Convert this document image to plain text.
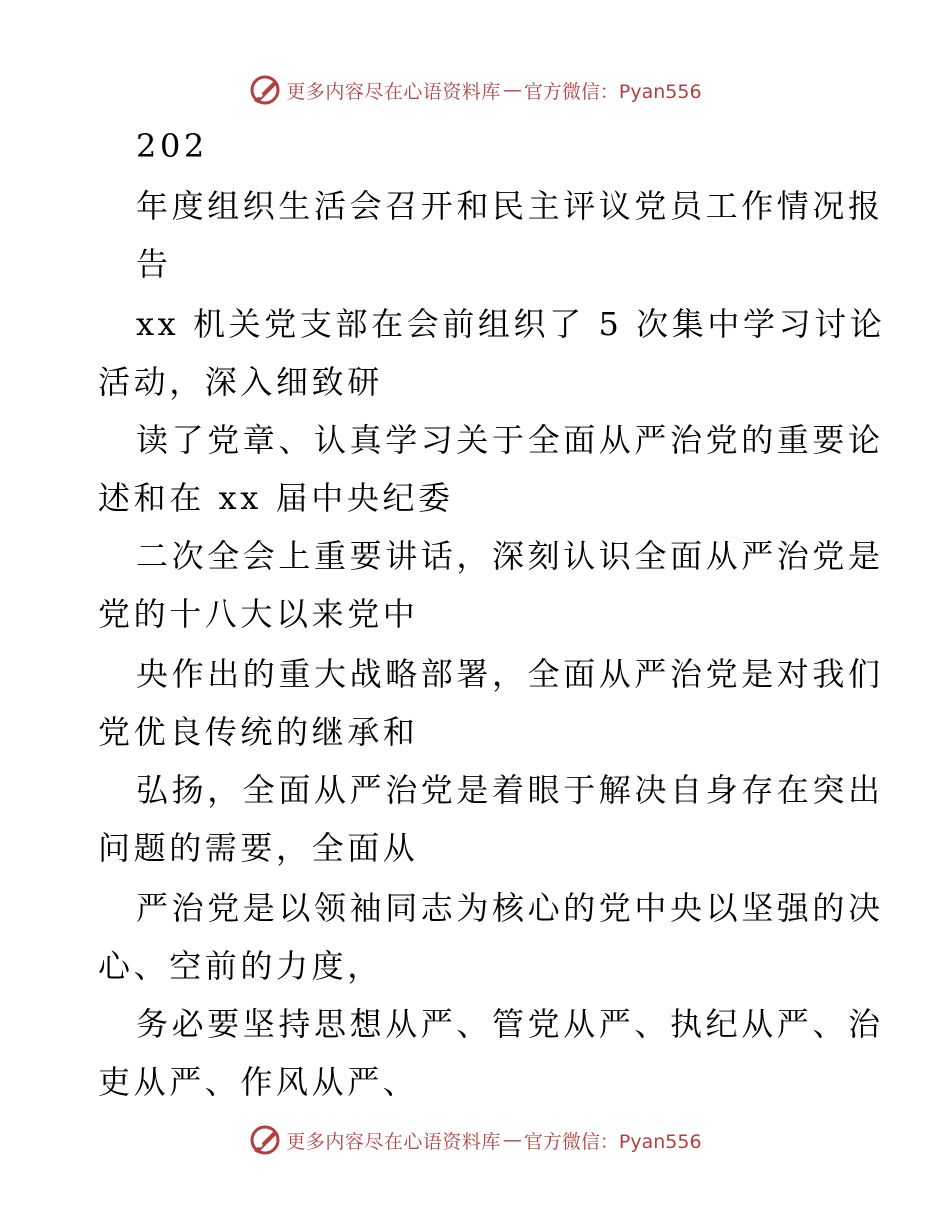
更多内容尽在心语资料库 — 官方微信：Pyan556
202
年度组织生活会召开和民主评议党员工作情况报
告
xx 机关党支部在会前组织了 5 次集中学习讨论
活动，深入细致研
读了党章、认真学习关于全面从严治党的重要论
述和在 xx 届中央纪委
二次全会上重要讲话，深刻认识全面从严治党是
党的十八大以来党中
央作出的重大战略部署，全面从严治党是对我们
党优良传统的继承和
弘扬，全面从严治党是着眼于解决自身存在突出
问题的需要，全面从
严治党是以领袖同志为核心的党中央以坚强的决
心、空前的力度，
务必要坚持思想从严、管党从严、执纪从严、治
吏从严、作风从严、
更多内容尽在心语资料库 — 官方微信：Pyan556
